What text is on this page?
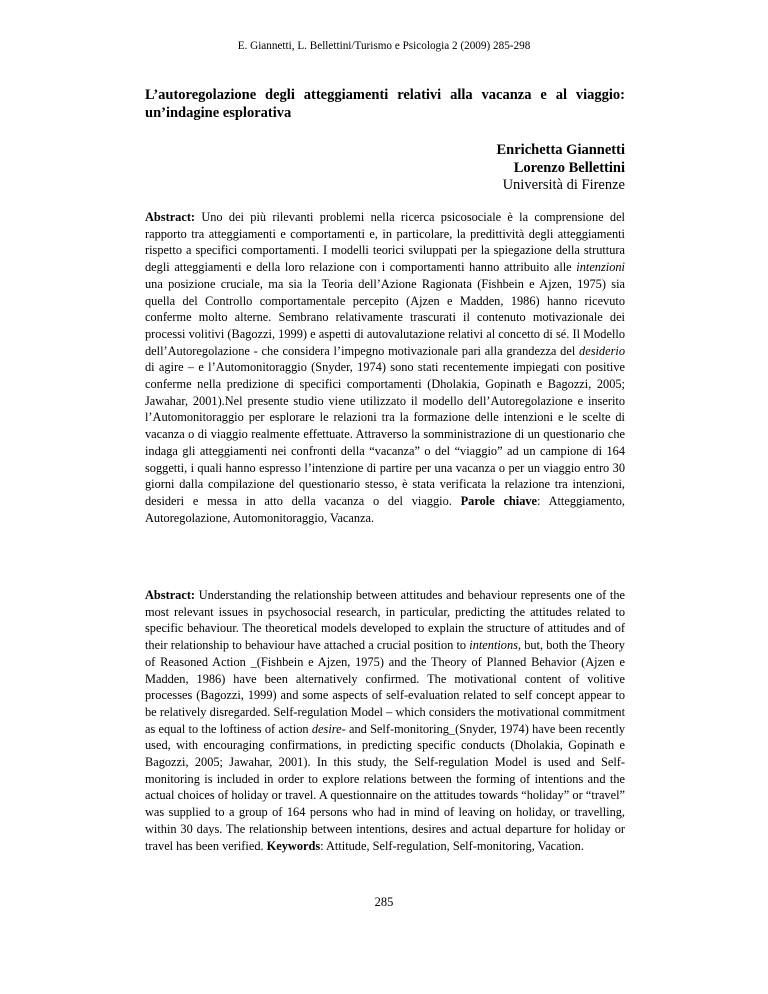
E. Giannetti, L. Bellettini/Turismo e Psicologia 2 (2009) 285-298
L’autoregolazione degli atteggiamenti relativi alla vacanza e al viaggio: un’indagine esplorativa
Enrichetta Giannetti
Lorenzo Bellettini
Università di Firenze

Abstract: Uno dei più rilevanti problemi nella ricerca psicosociale è la comprensione del rapporto tra atteggiamenti e comportamenti e, in particolare, la predittività degli atteggiamenti rispetto a specifici comportamenti. I modelli teorici sviluppati per la spiegazione della struttura degli atteggiamenti e della loro relazione con i comportamenti hanno attribuito alle intenzioni una posizione cruciale, ma sia la Teoria dell’Azione Ragionata (Fishbein e Ajzen, 1975) sia quella del Controllo comportamentale percepito (Ajzen e Madden, 1986) hanno ricevuto conferme molto alterne. Sembrano relativamente trascurati il contenuto motivazionale dei processi volitivi (Bagozzi, 1999) e aspetti di autovalutazione relativi al concetto di sé. Il Modello dell’Autoregolazione - che considera l’impegno motivazionale pari alla grandezza del desiderio di agire – e l’Automonitoraggio (Snyder, 1974) sono stati recentemente impiegati con positive conferme nella predizione di specifici comportamenti (Dholakia, Gopinath e Bagozzi, 2005; Jawahar, 2001).Nel presente studio viene utilizzato il modello dell’Autoregolazione e inserito l’Automonitoraggio per esplorare le relazioni tra la formazione delle intenzioni e le scelte di vacanza o di viaggio realmente effettuate. Attraverso la somministrazione di un questionario che indaga gli atteggiamenti nei confronti della “vacanza” o del “viaggio” ad un campione di 164 soggetti, i quali hanno espresso l’intenzione di partire per una vacanza o per un viaggio entro 30 giorni dalla compilazione del questionario stesso, è stata verificata la relazione tra intenzioni, desideri e messa in atto della vacanza o del viaggio. Parole chiave: Atteggiamento, Autoregolazione, Automonitoraggio, Vacanza.

Abstract: Understanding the relationship between attitudes and behaviour represents one of the most relevant issues in psychosocial research, in particular, predicting the attitudes related to specific behaviour. The theoretical models developed to explain the structure of attitudes and of their relationship to behaviour have attached a crucial position to intentions, but, both the Theory of Reasoned Action _(Fishbein e Ajzen, 1975) and the Theory of Planned Behavior (Ajzen e Madden, 1986) have been alternatively confirmed. The motivational content of volitive processes (Bagozzi, 1999) and some aspects of self-evaluation related to self concept appear to be relatively disregarded. Self-regulation Model – which considers the motivational commitment as equal to the loftiness of action desire- and Self-monitoring_(Snyder, 1974) have been recently used, with encouraging confirmations, in predicting specific conducts (Dholakia, Gopinath e Bagozzi, 2005; Jawahar, 2001). In this study, the Self-regulation Model is used and Self-monitoring is included in order to explore relations between the forming of intentions and the actual choices of holiday or travel. A questionnaire on the attitudes towards “holiday” or “travel” was supplied to a group of 164 persons who had in mind of leaving on holiday, or travelling, within 30 days. The relationship between intentions, desires and actual departure for holiday or travel has been verified. Keywords: Attitude, Self-regulation, Self-monitoring, Vacation.

285
